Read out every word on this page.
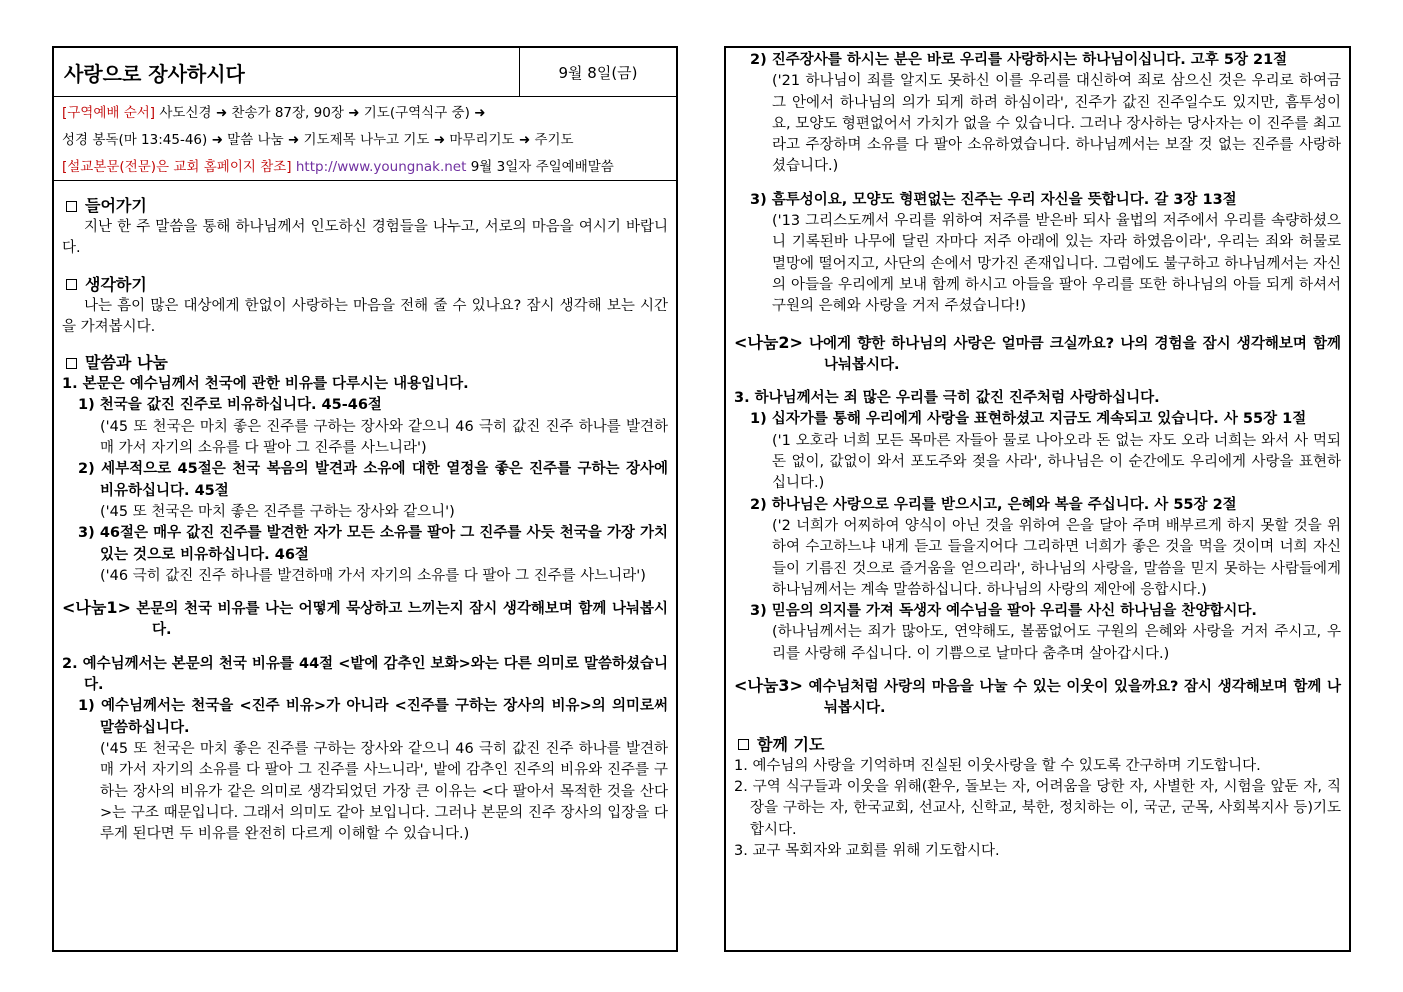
사랑으로 장사하시다	9월 8일(금)
[구역예배 순서] 사도신경 ➜ 찬송가 87장, 90장 ➜ 기도(구역식구 중) ➜
성경 봉독(마 13:45-46) ➜ 말씀 나눔 ➜ 기도제목 나누고 기도 ➜ 마무리기도 ➜ 주기도
[설교본문(전문)은 교회 홈페이지 참조] http://www.youngnak.net 9월 3일자 주일예배말씀
들어가기
지난 한 주 말씀을 통해 하나님께서 인도하신 경험들을 나누고, 서로의 마음을 여시기 바랍니다.
생각하기
나는 흠이 많은 대상에게 한없이 사랑하는 마음을 전해 줄 수 있나요? 잠시 생각해 보는 시간을 가져봅시다.
말씀과 나눔
1. 본문은 예수님께서 천국에 관한 비유를 다루시는 내용입니다.
1) 천국을 값진 진주로 비유하십니다. 45-46절
('45 또 천국은 마치 좋은 진주를 구하는 장사와 같으니 46 극히 값진 진주 하나를 발견하매 가서 자기의 소유를 다 팔아 그 진주를 사느니라')
2) 세부적으로 45절은 천국 복음의 발견과 소유에 대한 열정을 좋은 진주를 구하는 장사에 비유하십니다. 45절
('45 또 천국은 마치 좋은 진주를 구하는 장사와 같으니')
3) 46절은 매우 값진 진주를 발견한 자가 모든 소유를 팔아 그 진주를 사듯 천국을 가장 가치 있는 것으로 비유하십니다. 46절
('46 극히 값진 진주 하나를 발견하매 가서 자기의 소유를 다 팔아 그 진주를 사느니라')
<나눔1> 본문의 천국 비유를 나는 어떻게 묵상하고 느끼는지 잠시 생각해보며 함께 나눠봅시다.
2. 예수님께서는 본문의 천국 비유를 44절 <밭에 감추인 보화>와는 다른 의미로 말씀하셨습니다.
1) 예수님께서는 천국을 <진주 비유>가 아니라 <진주를 구하는 장사의 비유>의 의미로써 말씀하십니다.
('45 또 천국은 마치 좋은 진주를 구하는 장사와 같으니 46 극히 값진 진주 하나를 발견하매 가서 자기의 소유를 다 팔아 그 진주를 사느니라', 밭에 감추인 진주의 비유와 진주를 구하는 장사의 비유가 같은 의미로 생각되었던 가장 큰 이유는 <다 팔아서 목적한 것을 산다>는 구조 때문입니다. 그래서 의미도 같아 보입니다. 그러나 본문의 진주 장사의 입장을 다루게 된다면 두 비유를 완전히 다르게 이해할 수 있습니다.)
2) 진주장사를 하시는 분은 바로 우리를 사랑하시는 하나님이십니다. 고후 5장 21절
('21 하나님이 죄를 알지도 못하신 이를 우리를 대신하여 죄로 삼으신 것은 우리로 하여금 그 안에서 하나님의 의가 되게 하려 하심이라', 진주가 값진 진주일수도 있지만, 흠투성이요, 모양도 형편없어서 가치가 없을 수 있습니다. 그러나 장사하는 당사자는 이 진주를 최고라고 주장하며 소유를 다 팔아 소유하였습니다. 하나님께서는 보잘 것 없는 진주를 사랑하셨습니다.)
3) 흠투성이요, 모양도 형편없는 진주는 우리 자신을 뜻합니다. 갈 3장 13절
('13 그리스도께서 우리를 위하여 저주를 받은바 되사 율법의 저주에서 우리를 속량하셨으니 기록된바 나무에 달린 자마다 저주 아래에 있는 자라 하였음이라', 우리는 죄와 허물로 멸망에 떨어지고, 사단의 손에서 망가진 존재입니다. 그럼에도 불구하고 하나님께서는 자신의 아들을 우리에게 보내 함께 하시고 아들을 팔아 우리를 또한 하나님의 아들 되게 하셔서 구원의 은혜와 사랑을 거저 주셨습니다!)
<나눔2> 나에게 향한 하나님의 사랑은 얼마큼 크실까요? 나의 경험을 잠시 생각해보며 함께 나눠봅시다.
3. 하나님께서는 죄 많은 우리를 극히 값진 진주처럼 사랑하십니다.
1) 십자가를 통해 우리에게 사랑을 표현하셨고 지금도 계속되고 있습니다. 사 55장 1절
('1 오호라 너희 모든 목마른 자들아 물로 나아오라 돈 없는 자도 오라 너희는 와서 사 먹되 돈 없이, 값없이 와서 포도주와 젖을 사라', 하나님은 이 순간에도 우리에게 사랑을 표현하십니다.)
2) 하나님은 사랑으로 우리를 받으시고, 은혜와 복을 주십니다. 사 55장 2절
('2 너희가 어찌하여 양식이 아닌 것을 위하여 은을 달아 주며 배부르게 하지 못할 것을 위하여 수고하느냐 내게 듣고 들을지어다 그리하면 너희가 좋은 것을 먹을 것이며 너희 자신들이 기름진 것으로 즐거움을 얻으리라', 하나님의 사랑을, 말씀을 믿지 못하는 사람들에게 하나님께서는 계속 말씀하십니다. 하나님의 사랑의 제안에 응합시다.)
3) 믿음의 의지를 가져 독생자 예수님을 팔아 우리를 사신 하나님을 찬양합시다.
(하나님께서는 죄가 많아도, 연약해도, 볼품없어도 구원의 은혜와 사랑을 거저 주시고, 우리를 사랑해 주십니다. 이 기쁨으로 날마다 춤추며 살아갑시다.)
<나눔3> 예수님처럼 사랑의 마음을 나눌 수 있는 이웃이 있을까요? 잠시 생각해보며 함께 나눠봅시다.
함께 기도
1. 예수님의 사랑을 기억하며 진실된 이웃사랑을 할 수 있도록 간구하며 기도합니다.
2. 구역 식구들과 이웃을 위해(환우, 돌보는 자, 어려움을 당한 자, 사별한 자, 시험을 앞둔 자, 직장을 구하는 자, 한국교회, 선교사, 신학교, 북한, 정치하는 이, 국군, 군목, 사회복지사 등)기도합시다.
3. 교구 목회자와 교회를 위해 기도합시다.
